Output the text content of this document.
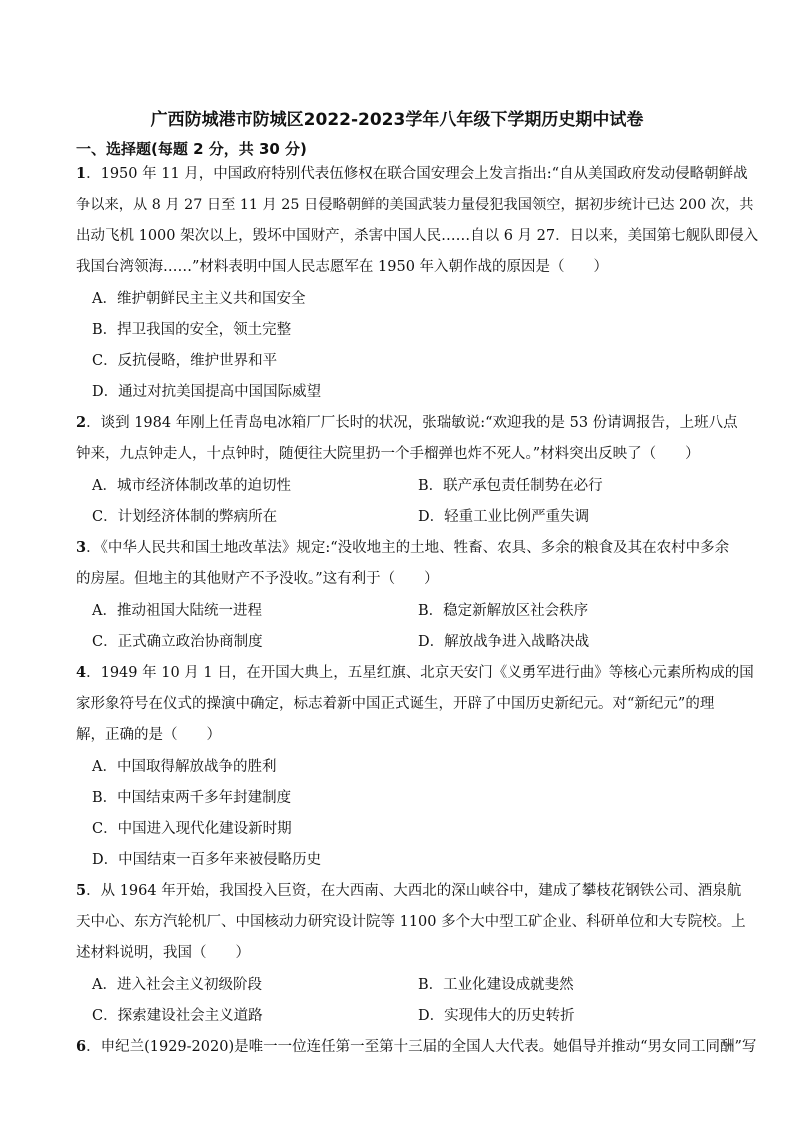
广西防城港市防城区2022-2023学年八年级下学期历史期中试卷
一、选择题(每题 2 分，共 30 分)
1．1950 年 11 月，中国政府特别代表伍修权在联合国安理会上发言指出:“自从美国政府发动侵略朝鲜战
争以来，从 8 月 27 日至 11 月 25 日侵略朝鲜的美国武装力量侵犯我国领空，据初步统计已达 200 次，共
出动飞机 1000 架次以上，毁坏中国财产，杀害中国人民……自以 6 月 27．日以来，美国第七舰队即侵入
我国台湾领海……”材料表明中国人民志愿军在 1950 年入朝作战的原因是（　　）
A．维护朝鲜民主主义共和国安全
B．捍卫我国的安全，领土完整
C．反抗侵略，维护世界和平
D．通过对抗美国提高中国国际威望
2．谈到 1984 年刚上任青岛电冰箱厂厂长时的状况，张瑞敏说:“欢迎我的是 53 份请调报告，上班八点
钟来，九点钟走人，十点钟时，随便往大院里扔一个手榴弹也炸不死人。”材料突出反映了（　　）
A．城市经济体制改革的迫切性	B．联产承包责任制势在必行
C．计划经济体制的弊病所在	D．轻重工业比例严重失调
3．《中华人民共和国土地改革法》规定:“没收地主的土地、牲畜、农具、多余的粮食及其在农村中多余
的房屋。但地主的其他财产不予没收。”这有利于（　　）
A．推动祖国大陆统一进程	B．稳定新解放区社会秩序
C．正式确立政治协商制度	D．解放战争进入战略决战
4．1949 年 10 月 1 日，在开国大典上，五星红旗、北京天安门《义勇军进行曲》等核心元素所构成的国
家形象符号在仪式的操演中确定，标志着新中国正式诞生，开辟了中国历史新纪元。对“新纪元”的理
解，正确的是（　　）
A．中国取得解放战争的胜利
B．中国结束两千多年封建制度
C．中国进入现代化建设新时期
D．中国结束一百多年来被侵略历史
5．从 1964 年开始，我国投入巨资，在大西南、大西北的深山峡谷中，建成了攀枝花钢铁公司、酒泉航
天中心、东方汽轮机厂、中国核动力研究设计院等 1100 多个大中型工矿企业、科研单位和大专院校。上
述材料说明，我国（　　）
A．进入社会主义初级阶段	B．工业化建设成就斐然
C．探索建设社会主义道路	D．实现伟大的历史转折
6．申纪兰(1929-2020)是唯一一位连任第一至第十三届的全国人大代表。她倡导并推动“男女同工同酬”写
